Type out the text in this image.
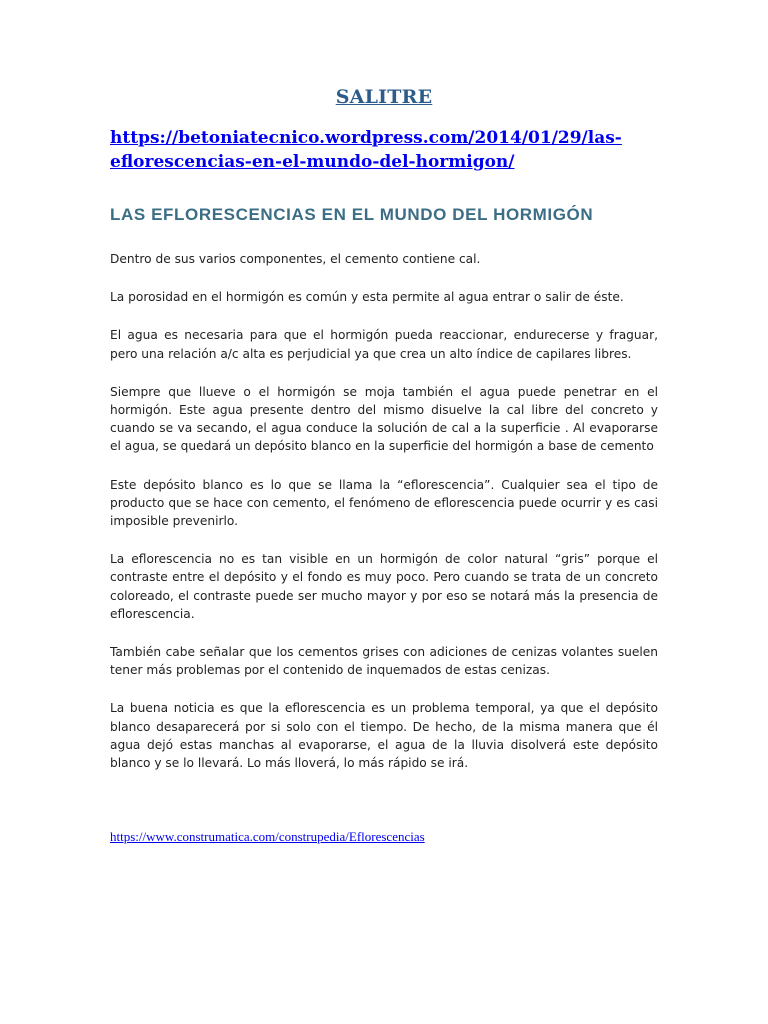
SALITRE

https://betoniatecnico.wordpress.com/2014/01/29/las-
eflorescencias-en-el-mundo-del-hormigon/

LAS EFLORESCENCIAS EN EL MUNDO DEL HORMIGÓN

Dentro de sus varios componentes, el cemento contiene cal.

La porosidad en el hormigón es común y esta permite al agua entrar o salir de éste.

El agua es necesaria para que el hormigón pueda reaccionar, endurecerse y fraguar, pero una relación a/c alta es perjudicial ya que crea un alto índice de capilares libres.

Siempre que llueve o el hormigón se moja también el agua puede penetrar en el hormigón. Este agua presente dentro del mismo disuelve la cal libre del concreto y cuando se va secando, el agua conduce la solución de cal a la superficie . Al evaporarse el agua, se quedará un depósito blanco en la superficie del hormigón a base de cemento

Este depósito blanco es lo que se llama la “eflorescencia”. Cualquier sea el tipo de producto que se hace con cemento, el fenómeno de eflorescencia puede ocurrir y es casi imposible prevenirlo.

La eflorescencia no es tan visible en un hormigón de color natural “gris” porque el contraste entre el depósito y el fondo es muy poco. Pero cuando se trata de un concreto coloreado, el contraste puede ser mucho mayor y por eso se notará más la presencia de eflorescencia.

También cabe señalar que los cementos grises con adiciones de cenizas volantes suelen tener más problemas por el contenido de inquemados de estas cenizas.

La buena noticia es que la eflorescencia es un problema temporal, ya que el depósito blanco desaparecerá por si solo con el tiempo. De hecho, de la misma manera que él agua dejó estas manchas al evaporarse, el agua de la lluvia disolverá este depósito blanco y se lo llevará. Lo más lloverá, lo más rápido se irá.

https://www.construmatica.com/construpedia/Eflorescencias
